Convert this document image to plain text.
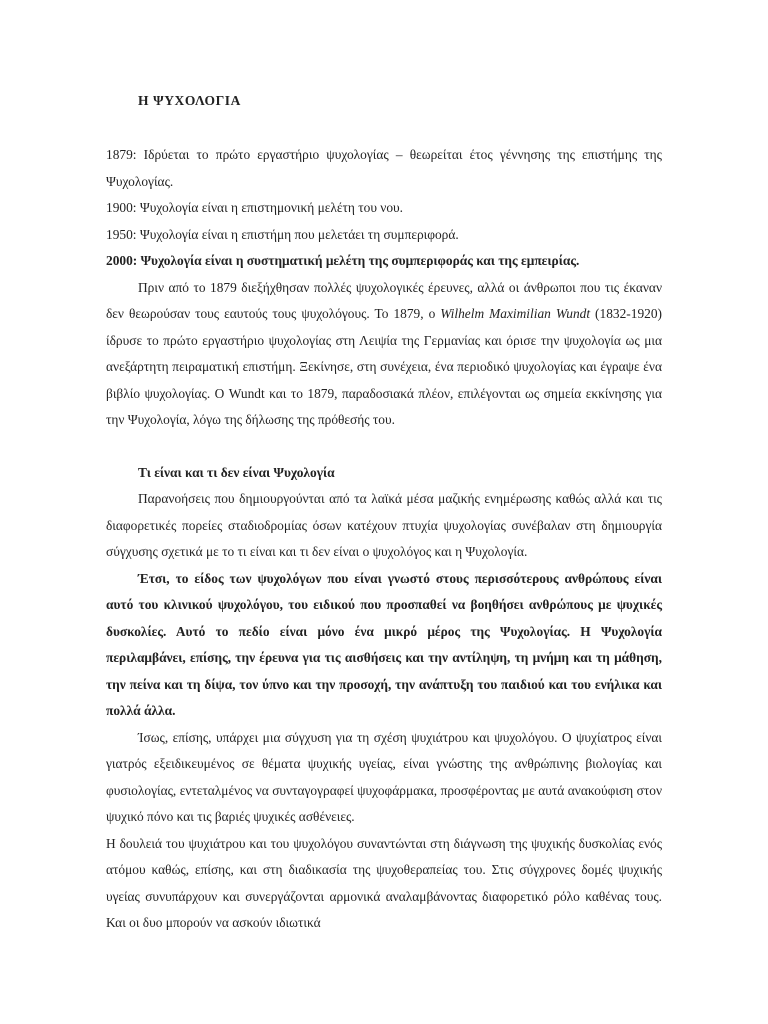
Η ΨΥΧΟΛΟΓΙΑ

1879: Ιδρύεται το πρώτο εργαστήριο ψυχολογίας – θεωρείται έτος γέννησης της επιστήμης της Ψυχολογίας.

1900: Ψυχολογία είναι η επιστημονική μελέτη του νου.

1950: Ψυχολογία είναι η επιστήμη που μελετάει τη συμπεριφορά.

2000: Ψυχολογία είναι η συστηματική μελέτη της συμπεριφοράς και της εμπειρίας.

Πριν από το 1879 διεξήχθησαν πολλές ψυχολογικές έρευνες, αλλά οι άνθρωποι που τις έκαναν δεν θεωρούσαν τους εαυτούς τους ψυχολόγους. Το 1879, ο Wilhelm Maximilian Wundt (1832-1920) ίδρυσε το πρώτο εργαστήριο ψυχολογίας στη Λειψία της Γερμανίας και όρισε την ψυχολογία ως μια ανεξάρτητη πειραματική επιστήμη. Ξεκίνησε, στη συνέχεια, ένα περιοδικό ψυχολογίας και έγραψε ένα βιβλίο ψυχολογίας. Ο Wundt και το 1879, παραδοσιακά πλέον, επιλέγονται ως σημεία εκκίνησης για την Ψυχολογία, λόγω της δήλωσης της πρόθεσής του.

Τι είναι και τι δεν είναι Ψυχολογία

Παρανοήσεις που δημιουργούνται από τα λαϊκά μέσα μαζικής ενημέρωσης καθώς αλλά και τις διαφορετικές πορείες σταδιοδρομίας όσων κατέχουν πτυχία ψυχολογίας συνέβαλαν στη δημιουργία σύγχυσης σχετικά με το τι είναι και τι δεν είναι ο ψυχολόγος και η Ψυχολογία.

Έτσι, το είδος των ψυχολόγων που είναι γνωστό στους περισσότερους ανθρώπους είναι αυτό του κλινικού ψυχολόγου, του ειδικού που προσπαθεί να βοηθήσει ανθρώπους με ψυχικές δυσκολίες. Αυτό το πεδίο είναι μόνο ένα μικρό μέρος της Ψυχολογίας. Η Ψυχολογία περιλαμβάνει, επίσης, την έρευνα για τις αισθήσεις και την αντίληψη, τη μνήμη και τη μάθηση, την πείνα και τη δίψα, τον ύπνο και την προσοχή, την ανάπτυξη του παιδιού και του ενήλικα και πολλά άλλα.

Ίσως, επίσης, υπάρχει μια σύγχυση για τη σχέση ψυχιάτρου και ψυχολόγου. Ο ψυχίατρος είναι γιατρός εξειδικευμένος σε θέματα ψυχικής υγείας, είναι γνώστης της ανθρώπινης βιολογίας και φυσιολογίας, εντεταλμένος να συνταγογραφεί ψυχοφάρμακα, προσφέροντας με αυτά ανακούφιση στον ψυχικό πόνο και τις βαριές ψυχικές ασθένειες.

Η δουλειά του ψυχιάτρου και του ψυχολόγου συναντώνται στη διάγνωση της ψυχικής δυσκολίας ενός ατόμου καθώς, επίσης, και στη διαδικασία της ψυχοθεραπείας του. Στις σύγχρονες δομές ψυχικής υγείας συνυπάρχουν και συνεργάζονται αρμονικά αναλαμβάνοντας διαφορετικό ρόλο καθένας τους. Και οι δυο μπορούν να ασκούν ιδιωτικά
